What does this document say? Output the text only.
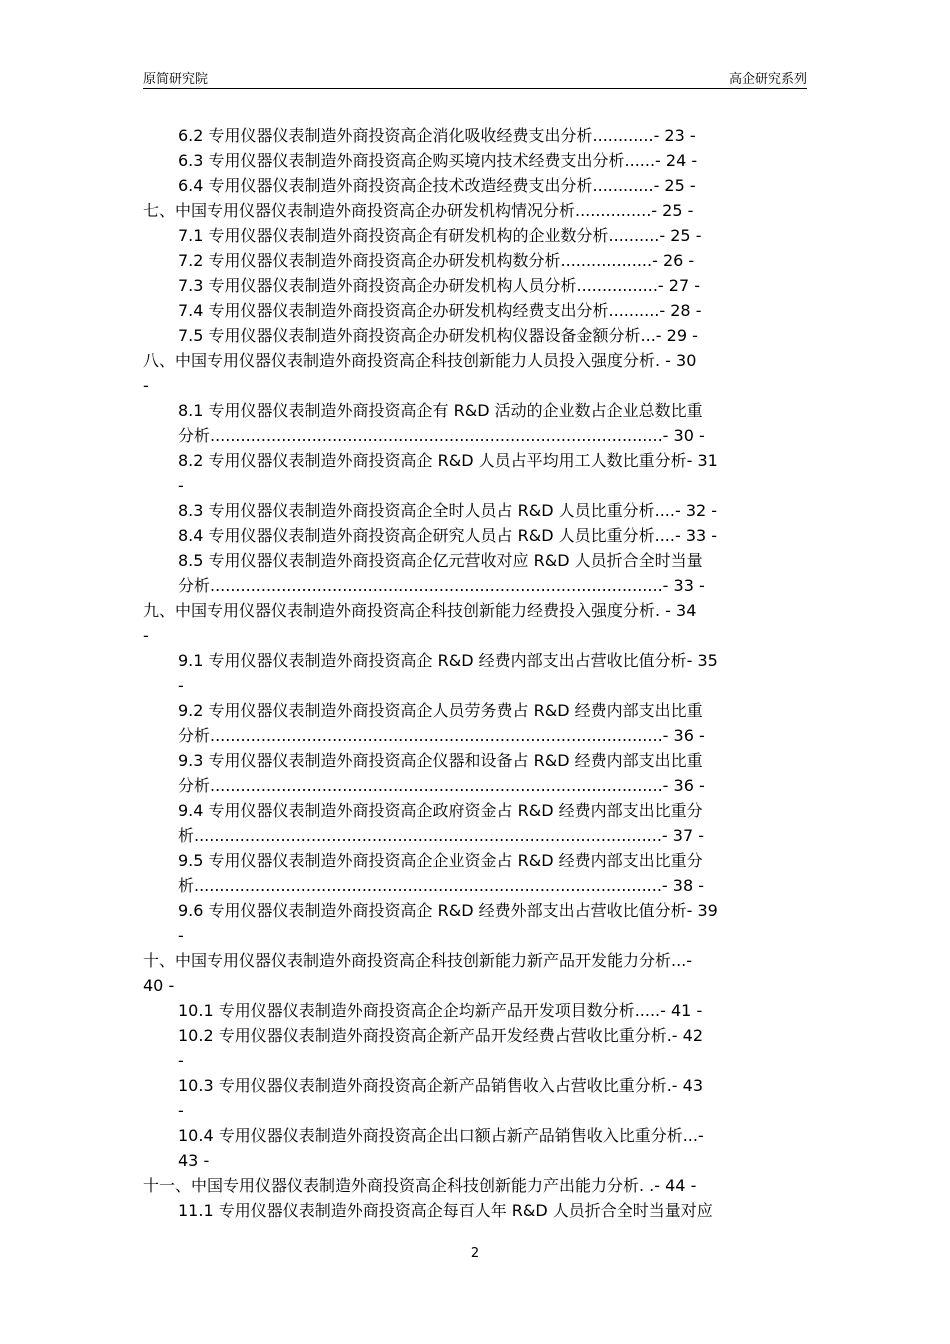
原简研究院	高企研究系列
6.2 专用仪器仪表制造外商投资高企消化吸收经费支出分析............- 23 -
6.3 专用仪器仪表制造外商投资高企购买境内技术经费支出分析......- 24 -
6.4 专用仪器仪表制造外商投资高企技术改造经费支出分析............- 25 -
七、中国专用仪器仪表制造外商投资高企办研发机构情况分析...............- 25 -
7.1 专用仪器仪表制造外商投资高企有研发机构的企业数分析..........- 25 -
7.2 专用仪器仪表制造外商投资高企办研发机构数分析..................- 26 -
7.3 专用仪器仪表制造外商投资高企办研发机构人员分析................- 27 -
7.4 专用仪器仪表制造外商投资高企办研发机构经费支出分析..........- 28 -
7.5 专用仪器仪表制造外商投资高企办研发机构仪器设备金额分析...- 29 -
八、中国专用仪器仪表制造外商投资高企科技创新能力人员投入强度分析. - 30
-
8.1 专用仪器仪表制造外商投资高企有 R&D 活动的企业数占企业总数比重
分析.........................................................................................- 30 -
8.2 专用仪器仪表制造外商投资高企 R&D 人员占平均用工人数比重分析- 31
-
8.3 专用仪器仪表制造外商投资高企全时人员占 R&D 人员比重分析....- 32 -
8.4 专用仪器仪表制造外商投资高企研究人员占 R&D 人员比重分析....- 33 -
8.5 专用仪器仪表制造外商投资高企亿元营收对应 R&D 人员折合全时当量
分析.........................................................................................- 33 -
九、中国专用仪器仪表制造外商投资高企科技创新能力经费投入强度分析. - 34
-
9.1 专用仪器仪表制造外商投资高企 R&D 经费内部支出占营收比值分析- 35
-
9.2 专用仪器仪表制造外商投资高企人员劳务费占 R&D 经费内部支出比重
分析.........................................................................................- 36 -
9.3 专用仪器仪表制造外商投资高企仪器和设备占 R&D 经费内部支出比重
分析.........................................................................................- 36 -
9.4 专用仪器仪表制造外商投资高企政府资金占 R&D 经费内部支出比重分
析............................................................................................- 37 -
9.5 专用仪器仪表制造外商投资高企企业资金占 R&D 经费内部支出比重分
析............................................................................................- 38 -
9.6 专用仪器仪表制造外商投资高企 R&D 经费外部支出占营收比值分析- 39
-
十、中国专用仪器仪表制造外商投资高企科技创新能力新产品开发能力分析...-
40 -
10.1 专用仪器仪表制造外商投资高企企均新产品开发项目数分析.....- 41 -
10.2 专用仪器仪表制造外商投资高企新产品开发经费占营收比重分析.- 42
-
10.3 专用仪器仪表制造外商投资高企新产品销售收入占营收比重分析.- 43
-
10.4 专用仪器仪表制造外商投资高企出口额占新产品销售收入比重分析...-
43 -
十一、中国专用仪器仪表制造外商投资高企科技创新能力产出能力分析. .- 44 -
11.1 专用仪器仪表制造外商投资高企每百人年 R&D 人员折合全时当量对应
2
